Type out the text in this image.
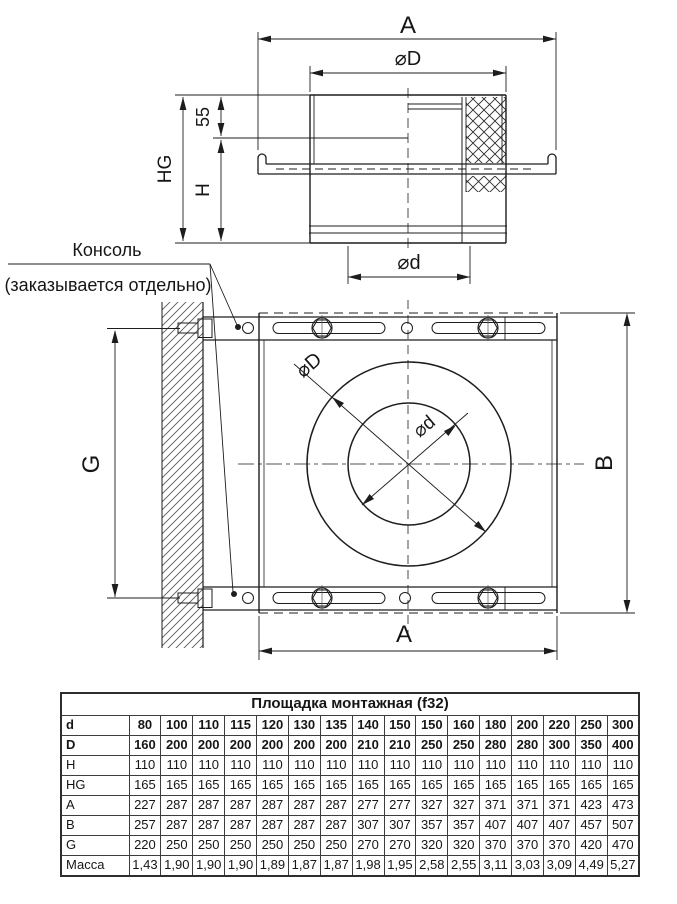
A
⌀D
⌀d
HG
55
H
Консоль
(заказывается отдельно)
⌀D
⌀d
G	B
A
Площадка монтажная (f32)																
d	80	100	110	115	120	130	135	140	150	150	160	180	200	220	250	300
D	160	200	200	200	200	200	200	210	210	250	250	280	280	300	350	400
H	110	110	110	110	110	110	110	110	110	110	110	110	110	110	110	110
HG	165	165	165	165	165	165	165	165	165	165	165	165	165	165	165	165
A	227	287	287	287	287	287	287	277	277	327	327	371	371	371	423	473
B	257	287	287	287	287	287	287	307	307	357	357	407	407	407	457	507
G	220	250	250	250	250	250	250	270	270	320	320	370	370	370	420	470
Масса	1,43	1,90	1,90	1,90	1,89	1,87	1,87	1,98	1,95	2,58	2,55	3,11	3,03	3,09	4,49	5,27
